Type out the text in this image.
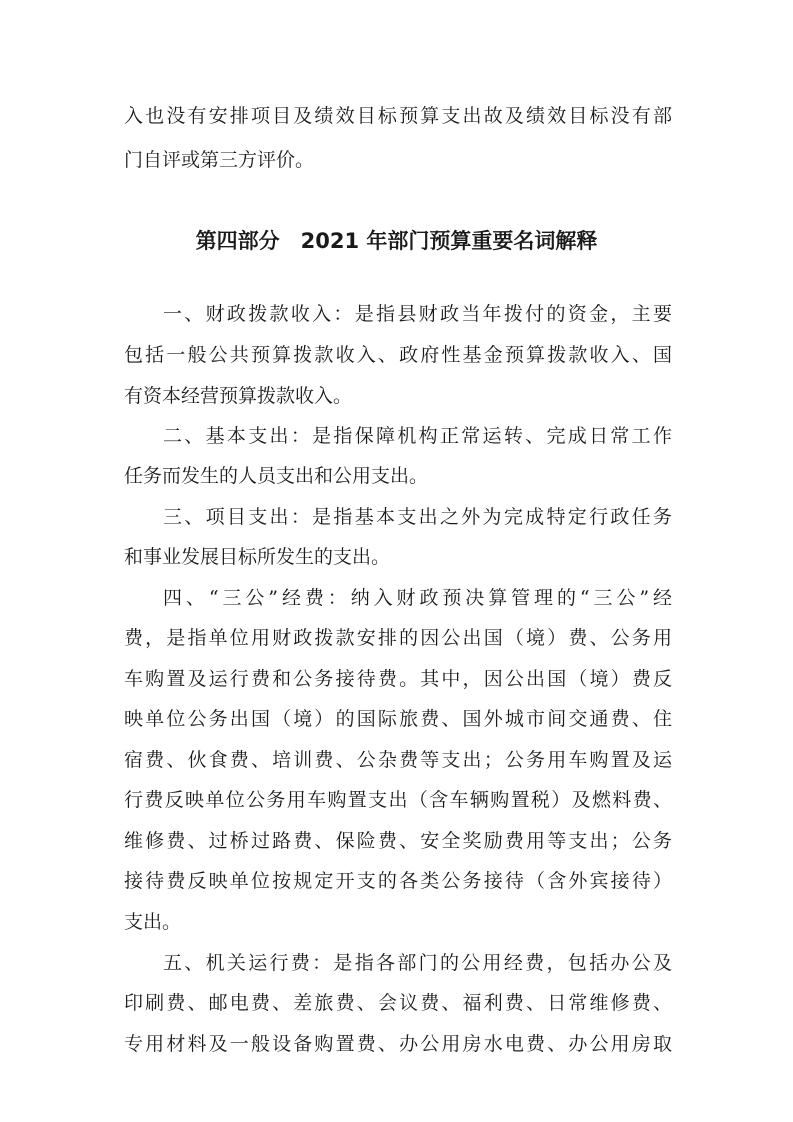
入也没有安排项目及绩效目标预算支出故及绩效目标没有部
门自评或第三方评价。
第四部分　2021 年部门预算重要名词解释
一、财政拨款收入：是指县财政当年拨付的资金，主要
包括一般公共预算拨款收入、政府性基金预算拨款收入、国
有资本经营预算拨款收入。
二、基本支出：是指保障机构正常运转、完成日常工作
任务而发生的人员支出和公用支出。
三、项目支出：是指基本支出之外为完成特定行政任务
和事业发展目标所发生的支出。
四、“三公”经费：纳入财政预决算管理的“三公”经
费，是指单位用财政拨款安排的因公出国（境）费、公务用
车购置及运行费和公务接待费。其中，因公出国（境）费反
映单位公务出国（境）的国际旅费、国外城市间交通费、住
宿费、伙食费、培训费、公杂费等支出；公务用车购置及运
行费反映单位公务用车购置支出（含车辆购置税）及燃料费、
维修费、过桥过路费、保险费、安全奖励费用等支出；公务
接待费反映单位按规定开支的各类公务接待（含外宾接待）
支出。
五、机关运行费：是指各部门的公用经费，包括办公及
印刷费、邮电费、差旅费、会议费、福利费、日常维修费、
专用材料及一般设备购置费、办公用房水电费、办公用房取
